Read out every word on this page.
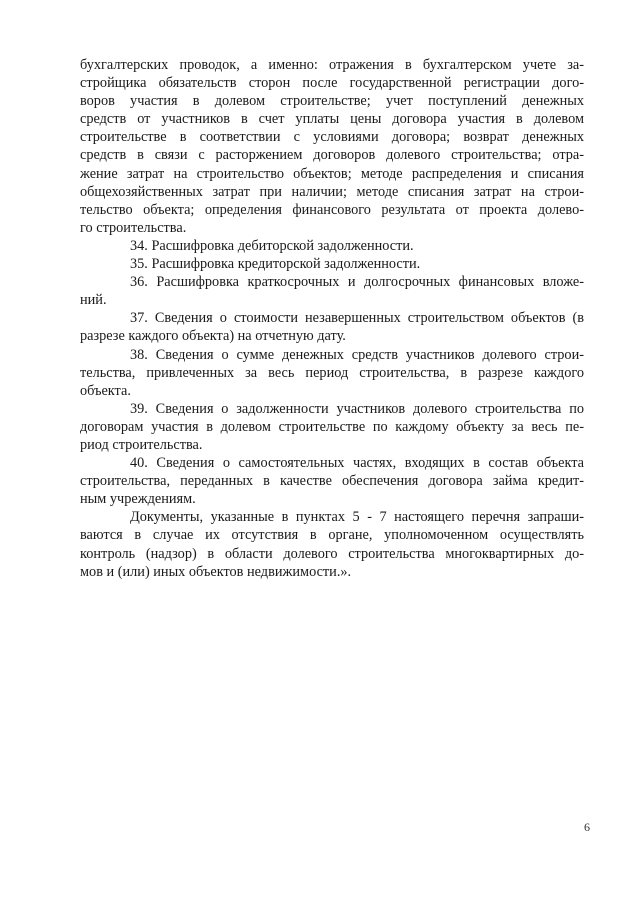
бухгалтерских проводок, а именно: отражения в бухгалтерском учете за-
стройщика обязательств сторон после государственной регистрации дого-
воров участия в долевом строительстве; учет поступлений денежных
средств от участников в счет уплаты цены договора участия в долевом
строительстве в соответствии с условиями договора; возврат денежных
средств в связи с расторжением договоров долевого строительства; отра-
жение затрат на строительство объектов; методе распределения и списания
общехозяйственных затрат при наличии; методе списания затрат на строи-
тельство объекта; определения финансового результата от проекта долево-
го строительства.
34. Расшифровка дебиторской задолженности.
35. Расшифровка кредиторской задолженности.
36. Расшифровка краткосрочных и долгосрочных финансовых вложе-
ний.
37. Сведения о стоимости незавершенных строительством объектов (в
разрезе каждого объекта) на отчетную дату.
38. Сведения о сумме денежных средств участников долевого строи-
тельства, привлеченных за весь период строительства, в разрезе каждого
объекта.
39. Сведения о задолженности участников долевого строительства по
договорам участия в долевом строительстве по каждому объекту за весь пе-
риод строительства.
40. Сведения о самостоятельных частях, входящих в состав объекта
строительства, переданных в качестве обеспечения договора займа кредит-
ным учреждениям.
Документы, указанные в пунктах 5 - 7 настоящего перечня запраши-
ваются в случае их отсутствия в органе, уполномоченном осуществлять
контроль (надзор) в области долевого строительства многоквартирных до-
мов и (или) иных объектов недвижимости.».
6
